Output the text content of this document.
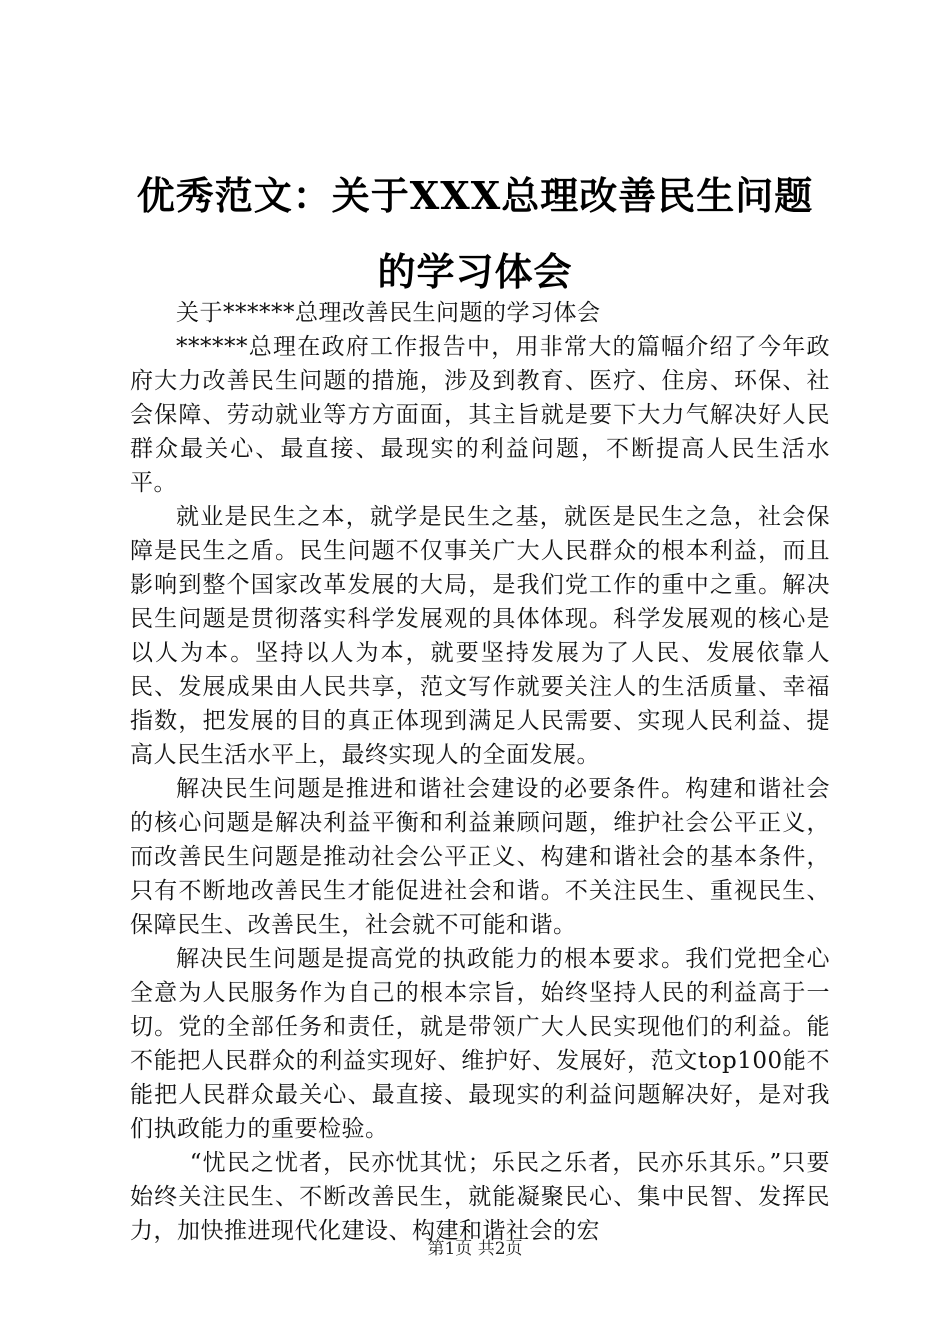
优秀范文：关于XXX总理改善民生问题的学习体会

关于******总理改善民生问题的学习体会

******总理在政府工作报告中，用非常大的篇幅介绍了今年政府大力改善民生问题的措施，涉及到教育、医疗、住房、环保、社会保障、劳动就业等方方面面，其主旨就是要下大力气解决好人民群众最关心、最直接、最现实的利益问题，不断提高人民生活水平。

就业是民生之本，就学是民生之基，就医是民生之急，社会保障是民生之盾。民生问题不仅事关广大人民群众的根本利益，而且影响到整个国家改革发展的大局，是我们党工作的重中之重。解决民生问题是贯彻落实科学发展观的具体体现。科学发展观的核心是以人为本。坚持以人为本，就要坚持发展为了人民、发展依靠人民、发展成果由人民共享，范文写作就要关注人的生活质量、幸福指数，把发展的目的真正体现到满足人民需要、实现人民利益、提高人民生活水平上，最终实现人的全面发展。

解决民生问题是推进和谐社会建设的必要条件。构建和谐社会的核心问题是解决利益平衡和利益兼顾问题，维护社会公平正义，而改善民生问题是推动社会公平正义、构建和谐社会的基本条件，只有不断地改善民生才能促进社会和谐。不关注民生、重视民生、保障民生、改善民生，社会就不可能和谐。

解决民生问题是提高党的执政能力的根本要求。我们党把全心全意为人民服务作为自己的根本宗旨，始终坚持人民的利益高于一切。党的全部任务和责任，就是带领广大人民实现他们的利益。能不能把人民群众的利益实现好、维护好、发展好，范文top100能不能把人民群众最关心、最直接、最现实的利益问题解决好，是对我们执政能力的重要检验。

“忧民之忧者，民亦忧其忧；乐民之乐者，民亦乐其乐。”只要始终关注民生、不断改善民生，就能凝聚民心、集中民智、发挥民力，加快推进现代化建设、构建和谐社会的宏

第1页 共2页
